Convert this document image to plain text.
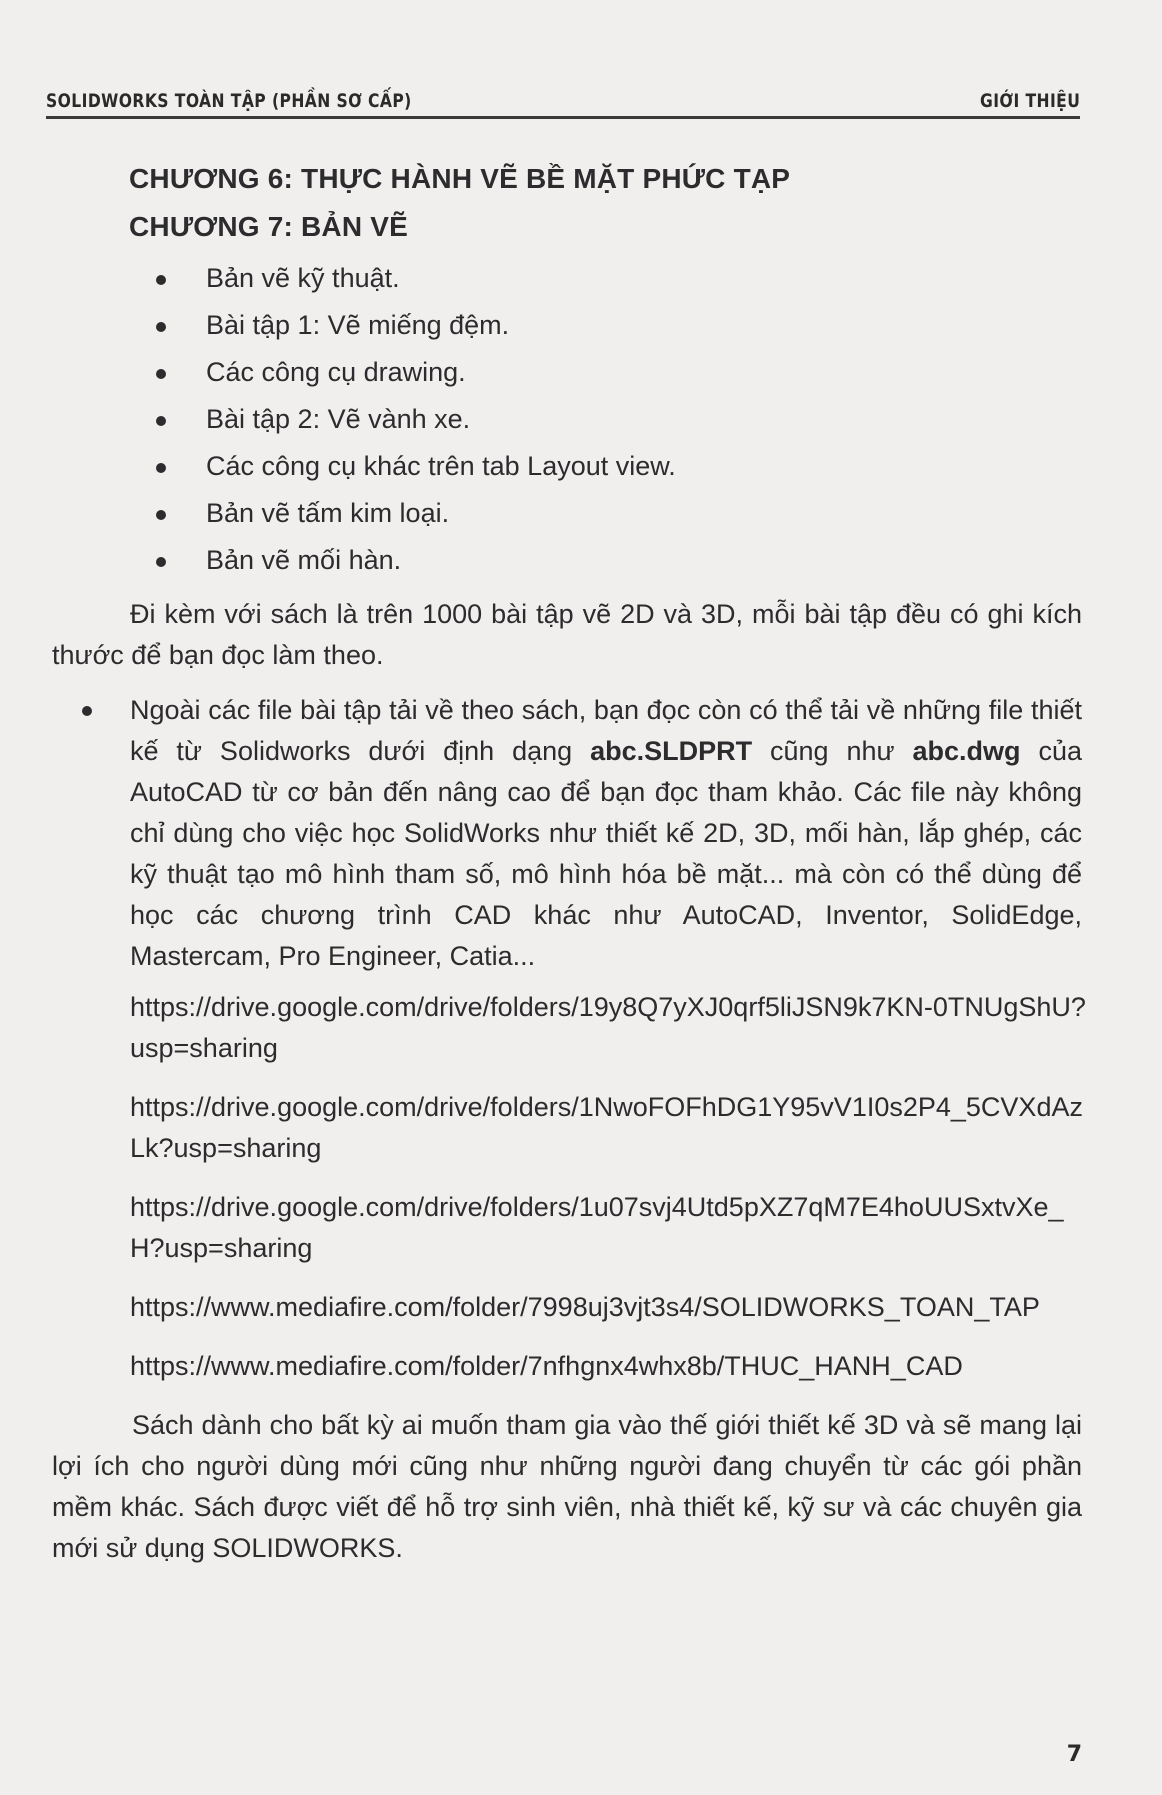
SOLIDWORKS TOÀN TẬP (PHẦN SƠ CẤP)	GIỚI THIỆU
CHƯƠNG 6: THỰC HÀNH VẼ BỀ MẶT PHỨC TẠP
CHƯƠNG 7: BẢN VẼ
Bản vẽ kỹ thuật.
Bài tập 1: Vẽ miếng đệm.
Các công cụ drawing.
Bài tập 2: Vẽ vành xe.
Các công cụ khác trên tab Layout view.
Bản vẽ tấm kim loại.
Bản vẽ mối hàn.

Đi kèm với sách là trên 1000 bài tập vẽ 2D và 3D, mỗi bài tập đều có ghi kích thước để bạn đọc làm theo.

Ngoài các file bài tập tải về theo sách, bạn đọc còn có thể tải về những file thiết kế từ Solidworks dưới định dạng abc.SLDPRT cũng như abc.dwg của AutoCAD từ cơ bản đến nâng cao để bạn đọc tham khảo. Các file này không chỉ dùng cho việc học SolidWorks như thiết kế 2D, 3D, mối hàn, lắp ghép, các kỹ thuật tạo mô hình tham số, mô hình hóa bề mặt... mà còn có thể dùng để học các chương trình CAD khác như AutoCAD, Inventor, SolidEdge, Mastercam, Pro Engineer, Catia...
https://drive.google.com/drive/folders/19y8Q7yXJ0qrf5liJSN9k7KN-0TNUgShU?usp=sharing
https://drive.google.com/drive/folders/1NwoFOFhDG1Y95vV1I0s2P4_5CVXdAzLk?usp=sharing
https://drive.google.com/drive/folders/1u07svj4Utd5pXZ7qM7E4hoUUSxtvXe_H?usp=sharing
https://www.mediafire.com/folder/7998uj3vjt3s4/SOLIDWORKS_TOAN_TAP
https://www.mediafire.com/folder/7nfhgnx4whx8b/THUC_HANH_CAD

Sách dành cho bất kỳ ai muốn tham gia vào thế giới thiết kế 3D và sẽ mang lại lợi ích cho người dùng mới cũng như những người đang chuyển từ các gói phần mềm khác. Sách được viết để hỗ trợ sinh viên, nhà thiết kế, kỹ sư và các chuyên gia mới sử dụng SOLIDWORKS.

7
